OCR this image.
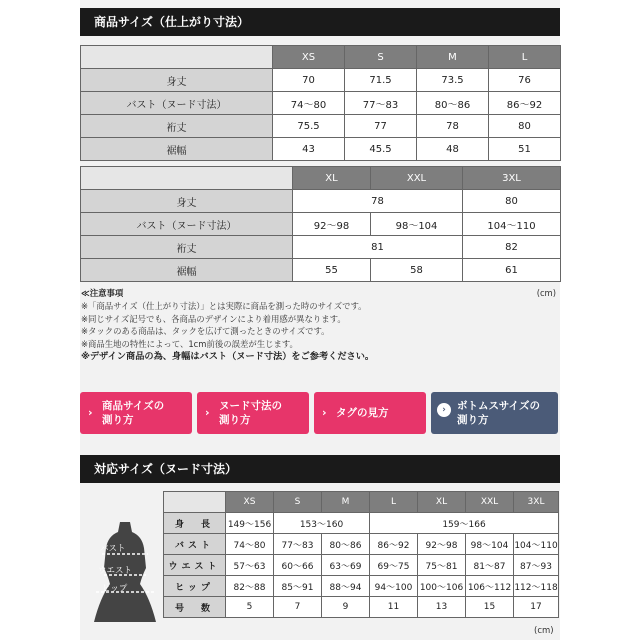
商品サイズ（仕上がり寸法）
	XS	S	M	L
身丈	70	71.5	73.5	76
バスト（ヌード寸法）	74〜80	77〜83	80〜86	86〜92
裄丈	75.5	77	78	80
裾幅	43	45.5	48	51
	XL	XXL	3XL
身丈	78		80
バスト（ヌード寸法）	92〜98	98〜104	104〜110
裄丈	81		82
裾幅	55	58	61
(cm)
≪注意事項
※「商品サイズ（仕上がり寸法）」とは実際に商品を測った時のサイズです。
※同じサイズ記号でも、各商品のデザインにより着用感が異なります。
※タックのある商品は、タックを広げて測ったときのサイズです。
※商品生地の特性によって、1cm前後の誤差が生じます。
※デザイン商品の為、身幅はバスト（ヌード寸法）をご参考ください。
› 商品サイズの
測り方
› ヌード寸法の
測り方
› タグの見方	›	ボトムスサイズの
測り方
対応サイズ（ヌード寸法）
バスト
ウエスト
ヒップ
	XS	S	M	L	XL	XXL	3XL
身　長	149〜156	153〜160		159〜166			
バスト	74〜80	77〜83	80〜86	86〜92	92〜98	98〜104	104〜110
ウエスト	57〜63	60〜66	63〜69	69〜75	75〜81	81〜87	87〜93
ヒップ	82〜88	85〜91	88〜94	94〜100	100〜106	106〜112	112〜118
号　数	5	7	9	11	13	15	17
(cm)
